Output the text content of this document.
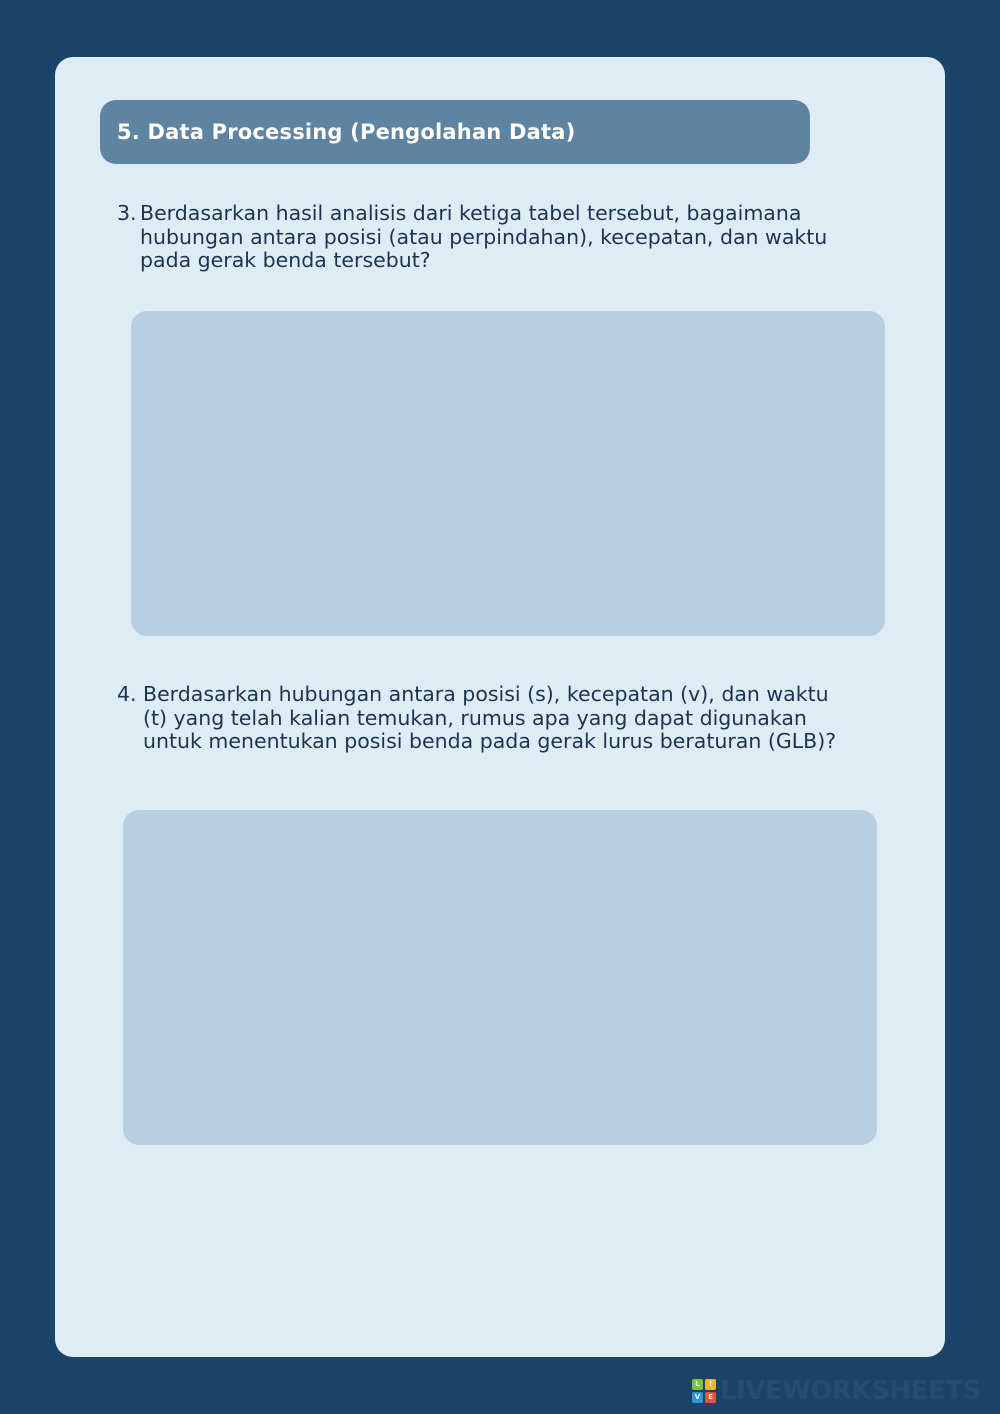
5. Data Processing (Pengolahan Data)
3. Berdasarkan hasil analisis dari ketiga tabel tersebut, bagaimana
hubungan antara posisi (atau perpindahan), kecepatan, dan waktu
pada gerak benda tersebut?
4. Berdasarkan hubungan antara posisi (s), kecepatan (v), dan waktu
(t) yang telah kalian temukan, rumus apa yang dapat digunakan
untuk menentukan posisi benda pada gerak lurus beraturan (GLB)?
L	I
V	E LIVEWORKSHEETS
